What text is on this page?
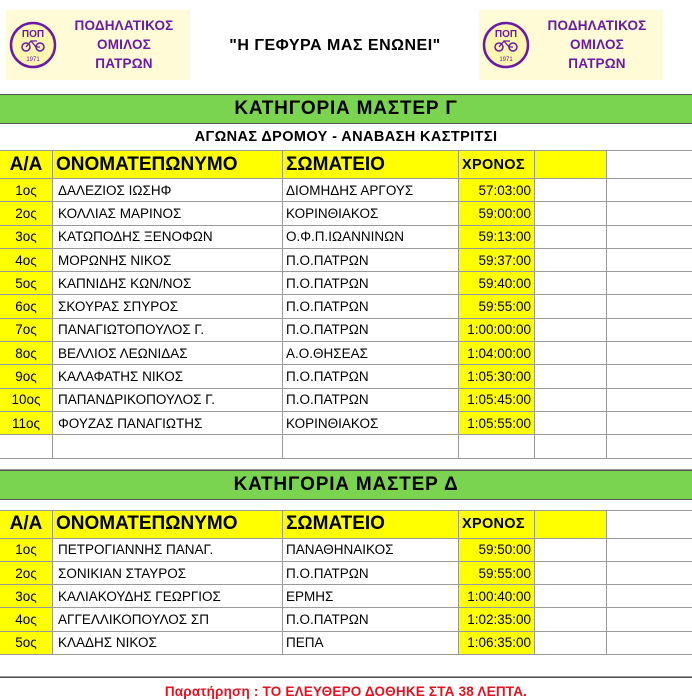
ΠΟΠ
1971
ΠΟΔΗΛΑΤΙΚΟΣ
ΟΜΙΛΟΣ
ΠΑΤΡΩΝ
"Η ΓΕΦΥΡΑ ΜΑΣ ΕΝΩΝΕΙ"
ΠΟΠ
1971
ΠΟΔΗΛΑΤΙΚΟΣ
ΟΜΙΛΟΣ
ΠΑΤΡΩΝ
ΚΑΤΗΓΟΡΙΑ ΜΑΣΤΕΡ Γ
ΑΓΩΝΑΣ ΔΡΟΜΟΥ - ΑΝΑΒΑΣΗ ΚΑΣΤΡΙΤΣΙ
Α/Α ΟΝΟΜΑΤΕΠΩΝΥΜΟ	ΣΩΜΑΤΕΙΟ	ΧΡΟΝΟΣ
1ος	ΔΑΛΕΖΙΟΣ ΙΩΣΗΦ	ΔΙΟΜΗΔΗΣ ΑΡΓΟΥΣ	57:03:00
2ος	ΚΟΛΛΙΑΣ ΜΑΡΙΝΟΣ	ΚΟΡΙΝΘΙΑΚΟΣ	59:00:00
3ος	ΚΑΤΩΠΟΔΗΣ ΞΕΝΟΦΩΝ	Ο.Φ.Π.ΙΩΑΝΝΙΝΩΝ	59:13:00
4ος	ΜΟΡΩΝΗΣ ΝΙΚΟΣ	Π.Ο.ΠΑΤΡΩΝ	59:37:00
5ος	ΚΑΠΝΙΔΗΣ ΚΩΝ/ΝΟΣ	Π.Ο.ΠΑΤΡΩΝ	59:40:00
6ος	ΣΚΟΥΡΑΣ ΣΠΥΡΟΣ	Π.Ο.ΠΑΤΡΩΝ	59:55:00
7ος	ΠΑΝΑΓΙΩΤΟΠΟΥΛΟΣ Γ.	Π.Ο.ΠΑΤΡΩΝ	1:00:00:00
8ος	ΒΕΛΛΙΟΣ ΛΕΩΝΙΔΑΣ	Α.Ο.ΘΗΣΕΑΣ	1:04:00:00
9ος	ΚΑΛΑΦΑΤΗΣ ΝΙΚΟΣ	Π.Ο.ΠΑΤΡΩΝ	1:05:30:00
10ος	ΠΑΠΑΝΔΡΙΚΟΠΟΥΛΟΣ Γ.	Π.Ο.ΠΑΤΡΩΝ	1:05:45:00
11ος	ΦΟΥΖΑΣ ΠΑΝΑΓΙΩΤΗΣ	ΚΟΡΙΝΘΙΑΚΟΣ	1:05:55:00
ΚΑΤΗΓΟΡΙΑ ΜΑΣΤΕΡ Δ
Α/Α ΟΝΟΜΑΤΕΠΩΝΥΜΟ	ΣΩΜΑΤΕΙΟ	ΧΡΟΝΟΣ
1ος	ΠΕΤΡΟΓΙΑΝΝΗΣ ΠΑΝΑΓ.	ΠΑΝΑΘΗΝΑΙΚΟΣ	59:50:00
2ος	ΣΟΝΙΚΙΑΝ ΣΤΑΥΡΟΣ	Π.Ο.ΠΑΤΡΩΝ	59:55:00
3ος	ΚΑΛΙΑΚΟΥΔΗΣ ΓΕΩΡΓΙΟΣ	ΕΡΜΗΣ	1:00:40:00
4ος	ΑΓΓΕΛΛΙΚΟΠΟΥΛΟΣ ΣΠ	Π.Ο.ΠΑΤΡΩΝ	1:02:35:00
5ος	ΚΛΑΔΗΣ ΝΙΚΟΣ	ΠΕΠΑ	1:06:35:00
Παρατήρηση : ΤΟ ΕΛΕΥΘΕΡΟ ΔΟΘΗΚΕ ΣΤΑ 38 ΛΕΠΤΑ.
